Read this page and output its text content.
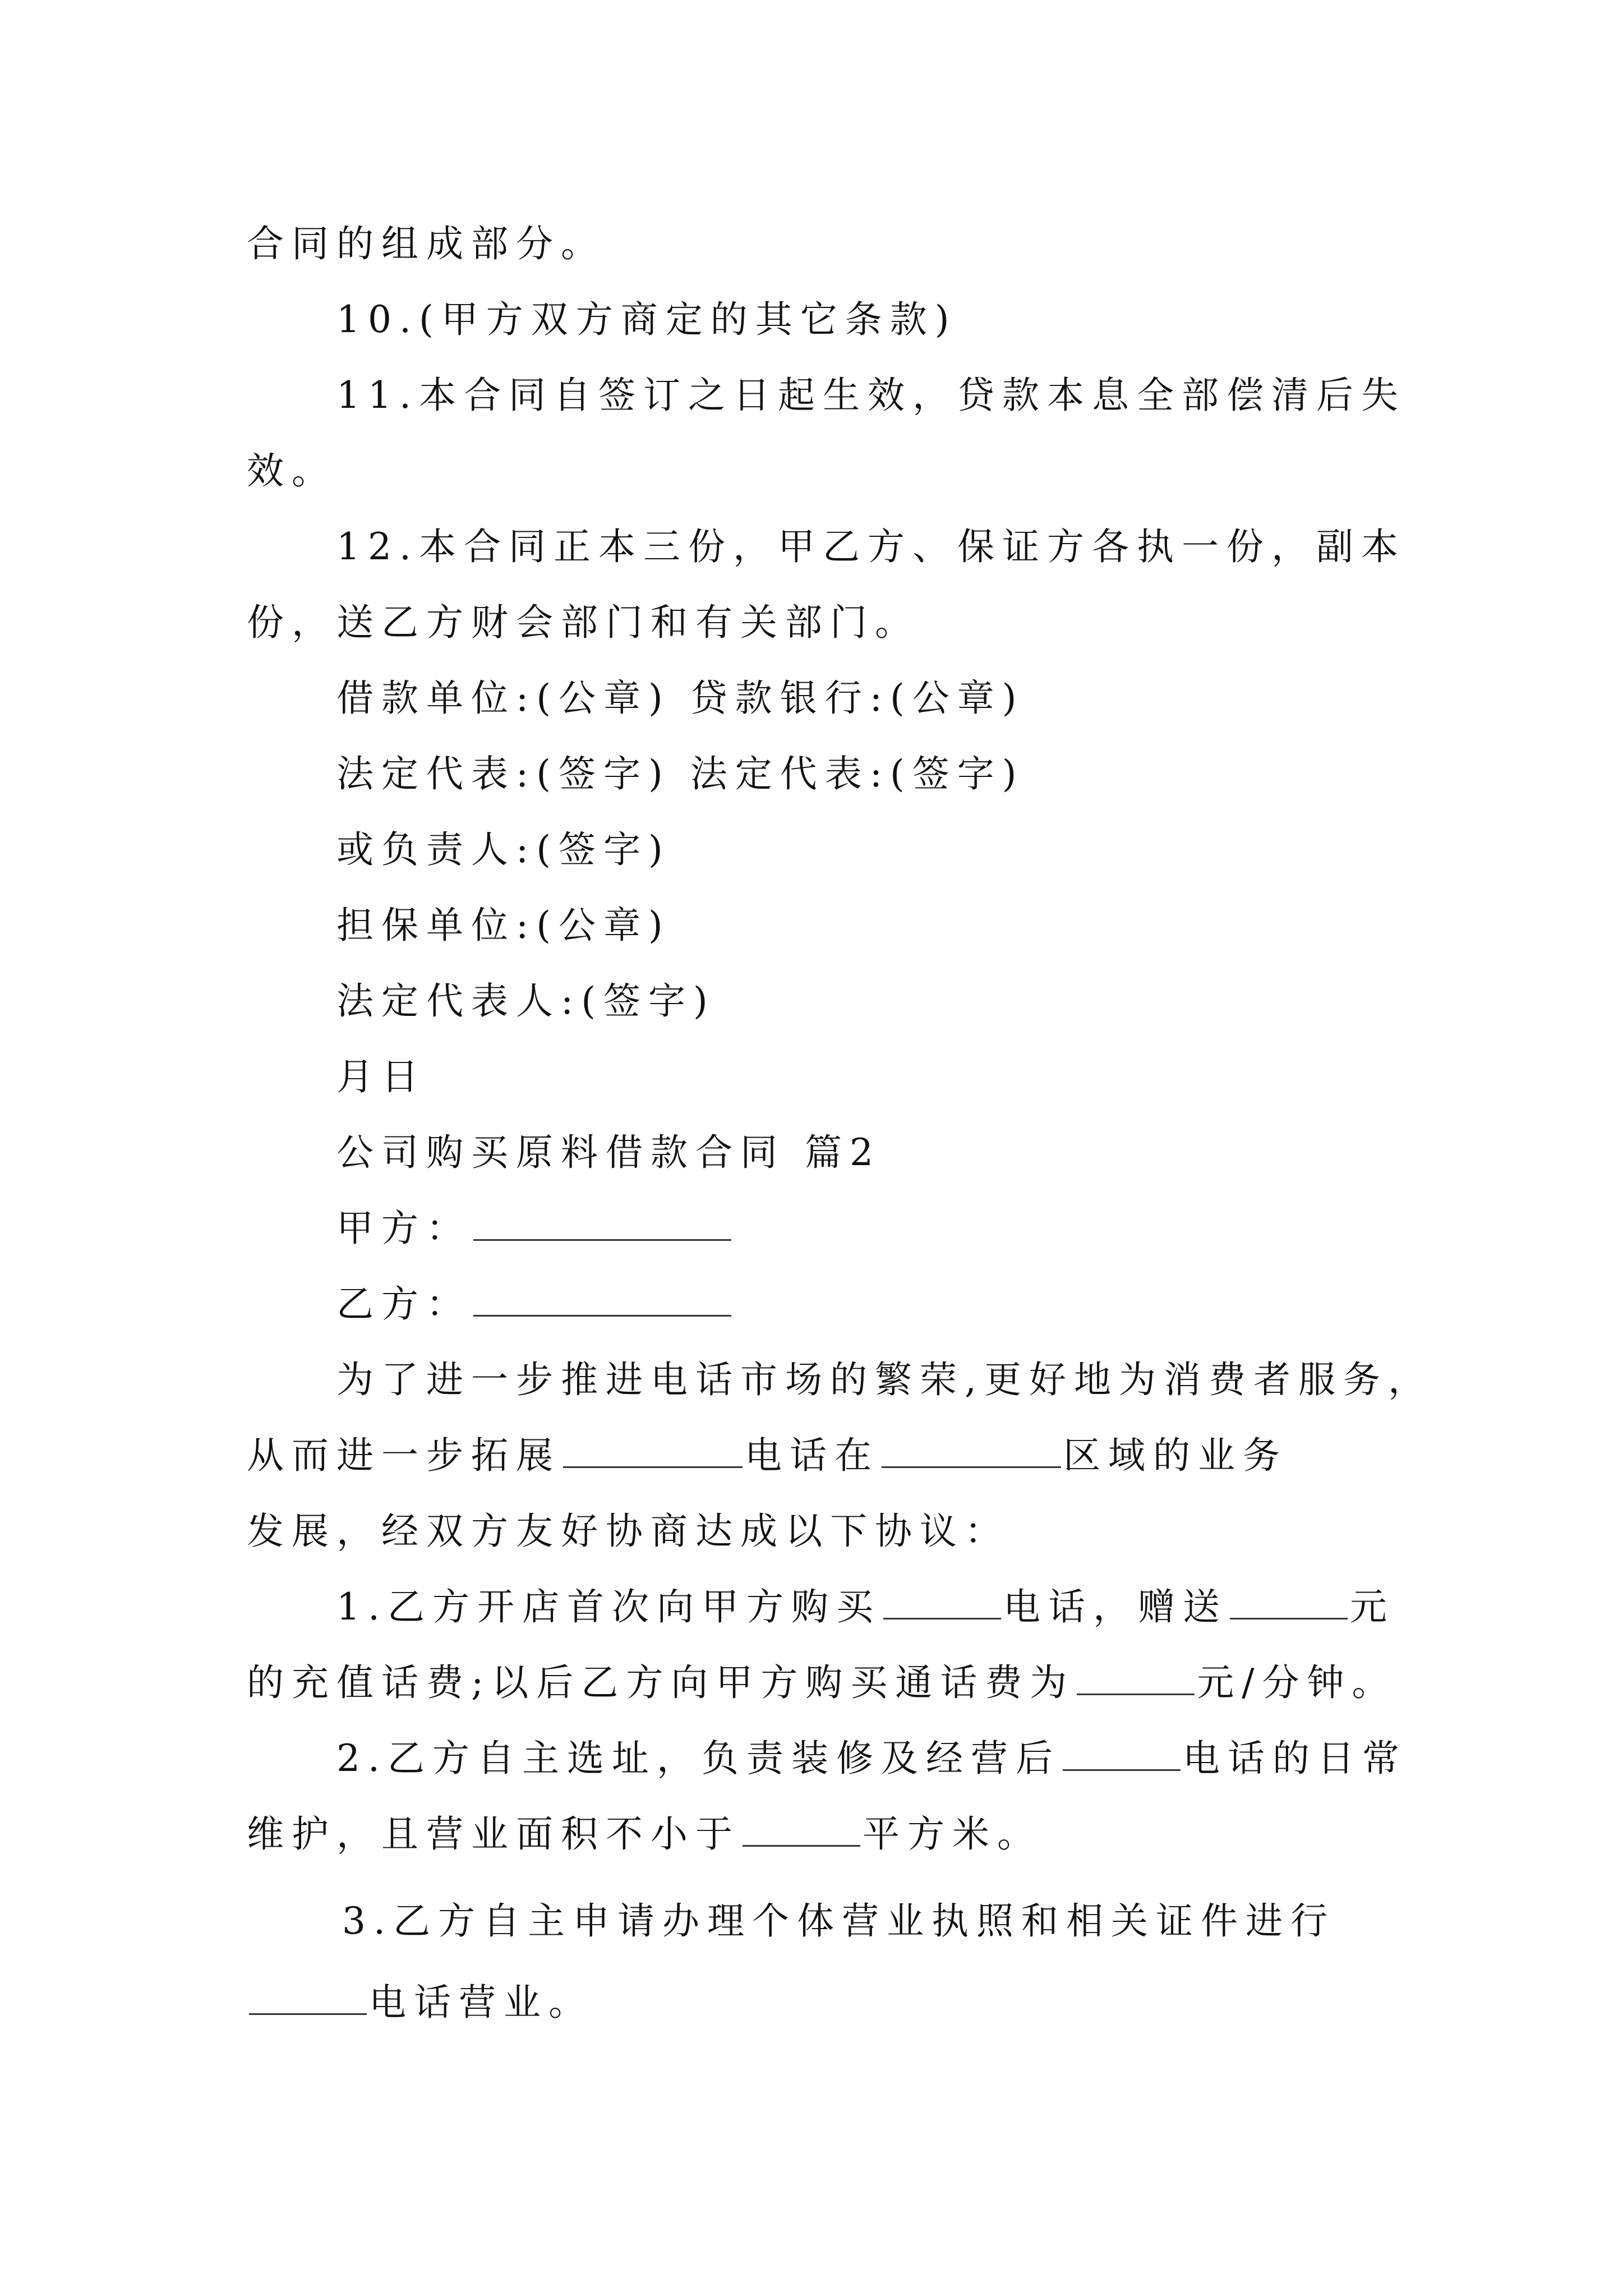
合同的组成部分。
10.(甲方双方商定的其它条款)
11.本合同自签订之日起生效，贷款本息全部偿清后失
效。
12.本合同正本三份，甲乙方、保证方各执一份，副本
份，送乙方财会部门和有关部门。
借款单位:(公章) 贷款银行:(公章)
法定代表:(签字) 法定代表:(签字)
或负责人:(签字)
担保单位:(公章)
法定代表人:(签字)
月日
公司购买原料借款合同 篇2
甲方：
乙方：
为了进一步推进电话市场的繁荣,更好地为消费者服务，
从而进一步拓展	电话在	区域的业务
发展，经双方友好协商达成以下协议：
1.乙方开店首次向甲方购买	电话，赠送	元
的充值话费;以后乙方向甲方购买通话费为	元/分钟。
2.乙方自主选址，负责装修及经营后	电话的日常
维护，且营业面积不小于	平方米。
3.乙方自主申请办理个体营业执照和相关证件进行
电话营业。
